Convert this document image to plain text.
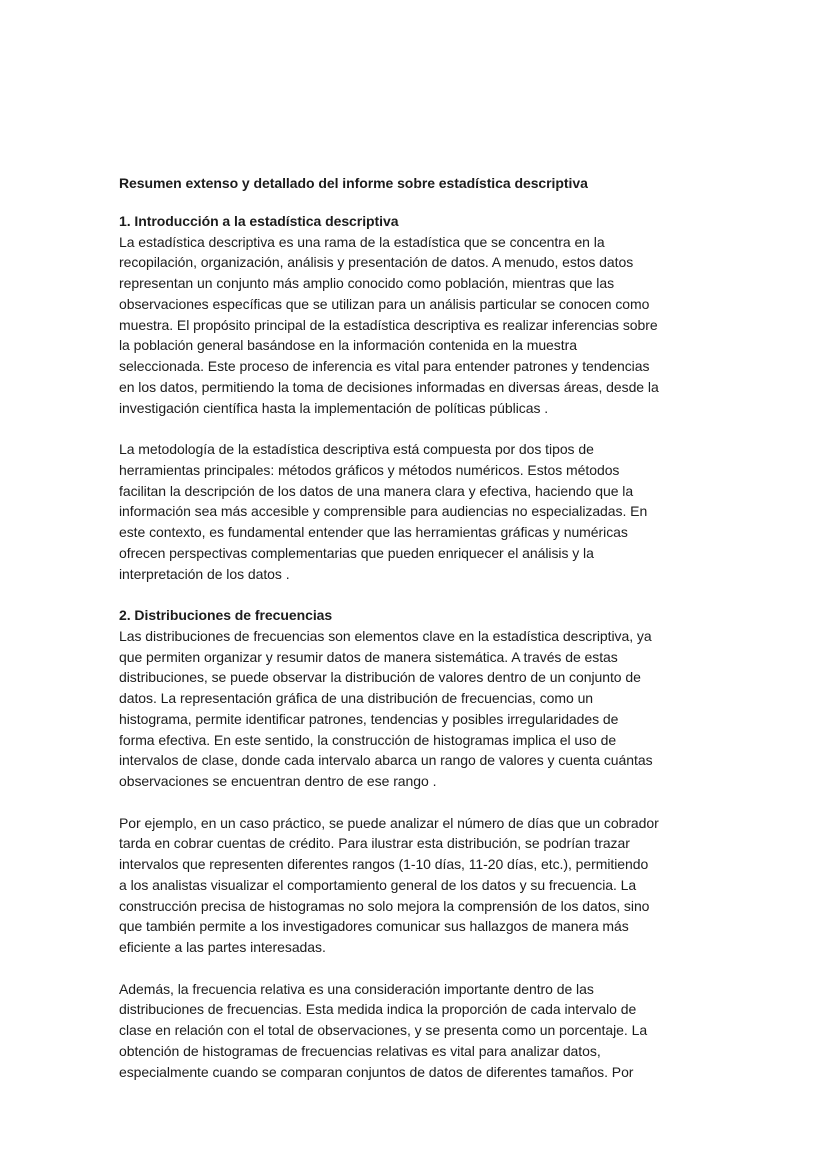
Resumen extenso y detallado del informe sobre estadística descriptiva
1. Introducción a la estadística descriptiva
La estadística descriptiva es una rama de la estadística que se concentra en la
recopilación, organización, análisis y presentación de datos. A menudo, estos datos
representan un conjunto más amplio conocido como población, mientras que las
observaciones específicas que se utilizan para un análisis particular se conocen como
muestra. El propósito principal de la estadística descriptiva es realizar inferencias sobre
la población general basándose en la información contenida en la muestra
seleccionada. Este proceso de inferencia es vital para entender patrones y tendencias
en los datos, permitiendo la toma de decisiones informadas en diversas áreas, desde la
investigación científica hasta la implementación de políticas públicas .
La metodología de la estadística descriptiva está compuesta por dos tipos de
herramientas principales: métodos gráficos y métodos numéricos. Estos métodos
facilitan la descripción de los datos de una manera clara y efectiva, haciendo que la
información sea más accesible y comprensible para audiencias no especializadas. En
este contexto, es fundamental entender que las herramientas gráficas y numéricas
ofrecen perspectivas complementarias que pueden enriquecer el análisis y la
interpretación de los datos .
2. Distribuciones de frecuencias
Las distribuciones de frecuencias son elementos clave en la estadística descriptiva, ya
que permiten organizar y resumir datos de manera sistemática. A través de estas
distribuciones, se puede observar la distribución de valores dentro de un conjunto de
datos. La representación gráfica de una distribución de frecuencias, como un
histograma, permite identificar patrones, tendencias y posibles irregularidades de
forma efectiva. En este sentido, la construcción de histogramas implica el uso de
intervalos de clase, donde cada intervalo abarca un rango de valores y cuenta cuántas
observaciones se encuentran dentro de ese rango .
Por ejemplo, en un caso práctico, se puede analizar el número de días que un cobrador
tarda en cobrar cuentas de crédito. Para ilustrar esta distribución, se podrían trazar
intervalos que representen diferentes rangos (1-10 días, 11-20 días, etc.), permitiendo
a los analistas visualizar el comportamiento general de los datos y su frecuencia. La
construcción precisa de histogramas no solo mejora la comprensión de los datos, sino
que también permite a los investigadores comunicar sus hallazgos de manera más
eficiente a las partes interesadas.
Además, la frecuencia relativa es una consideración importante dentro de las
distribuciones de frecuencias. Esta medida indica la proporción de cada intervalo de
clase en relación con el total de observaciones, y se presenta como un porcentaje. La
obtención de histogramas de frecuencias relativas es vital para analizar datos,
especialmente cuando se comparan conjuntos de datos de diferentes tamaños. Por
